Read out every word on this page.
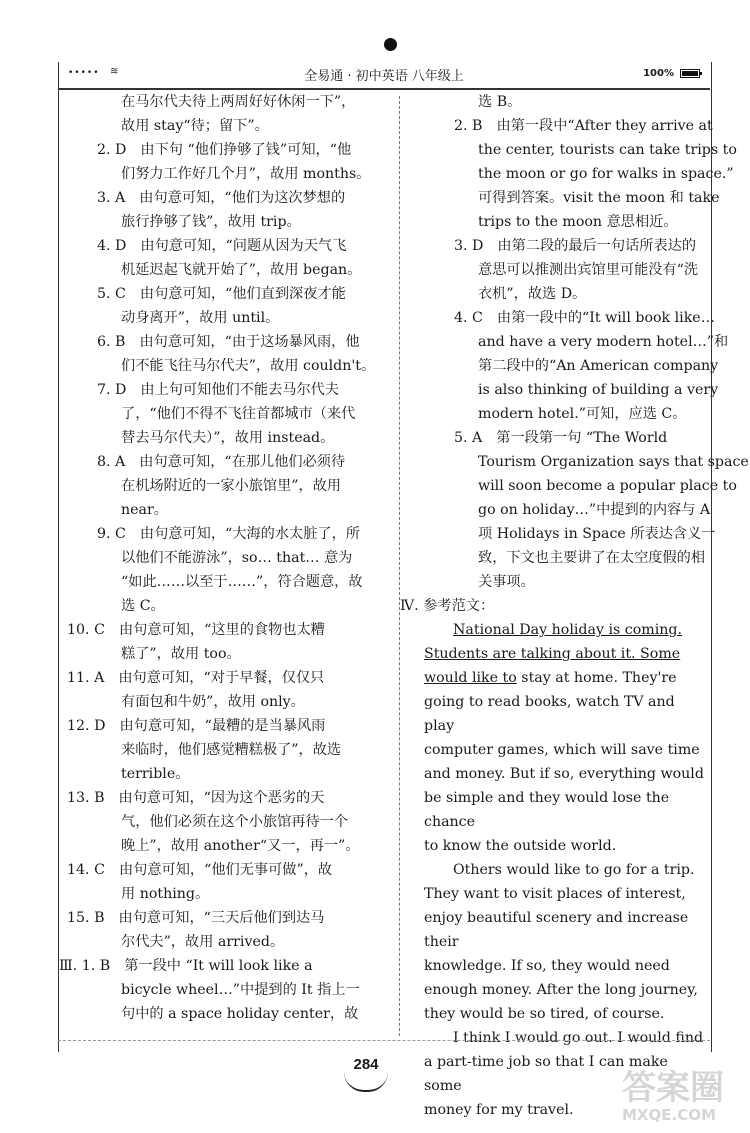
••••• ≋	全易通 · 初中英语 八年级上	100%
在马尔代夫待上两周好好休闲一下”，
故用 stay“待；留下”。
2. D 由下句 “他们挣够了钱”可知，“他
们努力工作好几个月”，故用 months。
3. A 由句意可知，“他们为这次梦想的
旅行挣够了钱”，故用 trip。
4. D 由句意可知，“问题从因为天气飞
机延迟起飞就开始了”，故用 began。
5. C 由句意可知，“他们直到深夜才能
动身离开”，故用 until。
6. B 由句意可知，“由于这场暴风雨，他
们不能飞往马尔代夫”，故用 couldn't。
7. D 由上句可知他们不能去马尔代夫
了，“他们不得不飞往首都城市（来代
替去马尔代夫）”，故用 instead。
8. A 由句意可知，“在那儿他们必须待
在机场附近的一家小旅馆里”，故用
near。
9. C 由句意可知，“大海的水太脏了，所
以他们不能游泳”，so… that… 意为
“如此……以至于……”，符合题意，故
选 C。
10. C 由句意可知，“这里的食物也太糟
糕了”，故用 too。
11. A 由句意可知，“对于早餐，仅仅只
有面包和牛奶”，故用 only。
12. D 由句意可知，“最糟的是当暴风雨
来临时，他们感觉糟糕极了”，故选
terrible。
13. B 由句意可知，“因为这个恶劣的天
气，他们必须在这个小旅馆再待一个
晚上”，故用 another“又一，再一”。
14. C 由句意可知，“他们无事可做”，故
用 nothing。
15. B 由句意可知，“三天后他们到达马
尔代夫”，故用 arrived。
Ⅲ. 1. B 第一段中 “It will look like a
bicycle wheel…”中提到的 It 指上一
句中的 a space holiday center，故
选 B。
2. B 由第一段中“After they arrive at
the center, tourists can take trips to
the moon or go for walks in space.”
可得到答案。visit the moon 和 take
trips to the moon 意思相近。
3. D 由第二段的最后一句话所表达的
意思可以推测出宾馆里可能没有“洗
衣机”，故选 D。
4. C 由第一段中的“It will book like…
and have a very modern hotel…”和
第二段中的“An American company
is also thinking of building a very
modern hotel.”可知，应选 C。
5. A 第一段第一句 “The World
Tourism Organization says that space
will soon become a popular place to
go on holiday…”中提到的内容与 A
项 Holidays in Space 所表达含义一
致，下文也主要讲了在太空度假的相
关事项。

Ⅳ. 参考范文：

National Day holiday is coming.

Students are talking about it. Some

would like to stay at home. They're

going to read books, watch TV and play

computer games, which will save time

and money. But if so, everything would

be simple and they would lose the chance

to know the outside world.

Others would like to go for a trip.

They want to visit places of interest,

enjoy beautiful scenery and increase their

knowledge. If so, they would need

enough money. After the long journey,

they would be so tired, of course.

I think I would go out. I would find

a part-time job so that I can make some

money for my travel.

284
答案圈
MXQE.COM
